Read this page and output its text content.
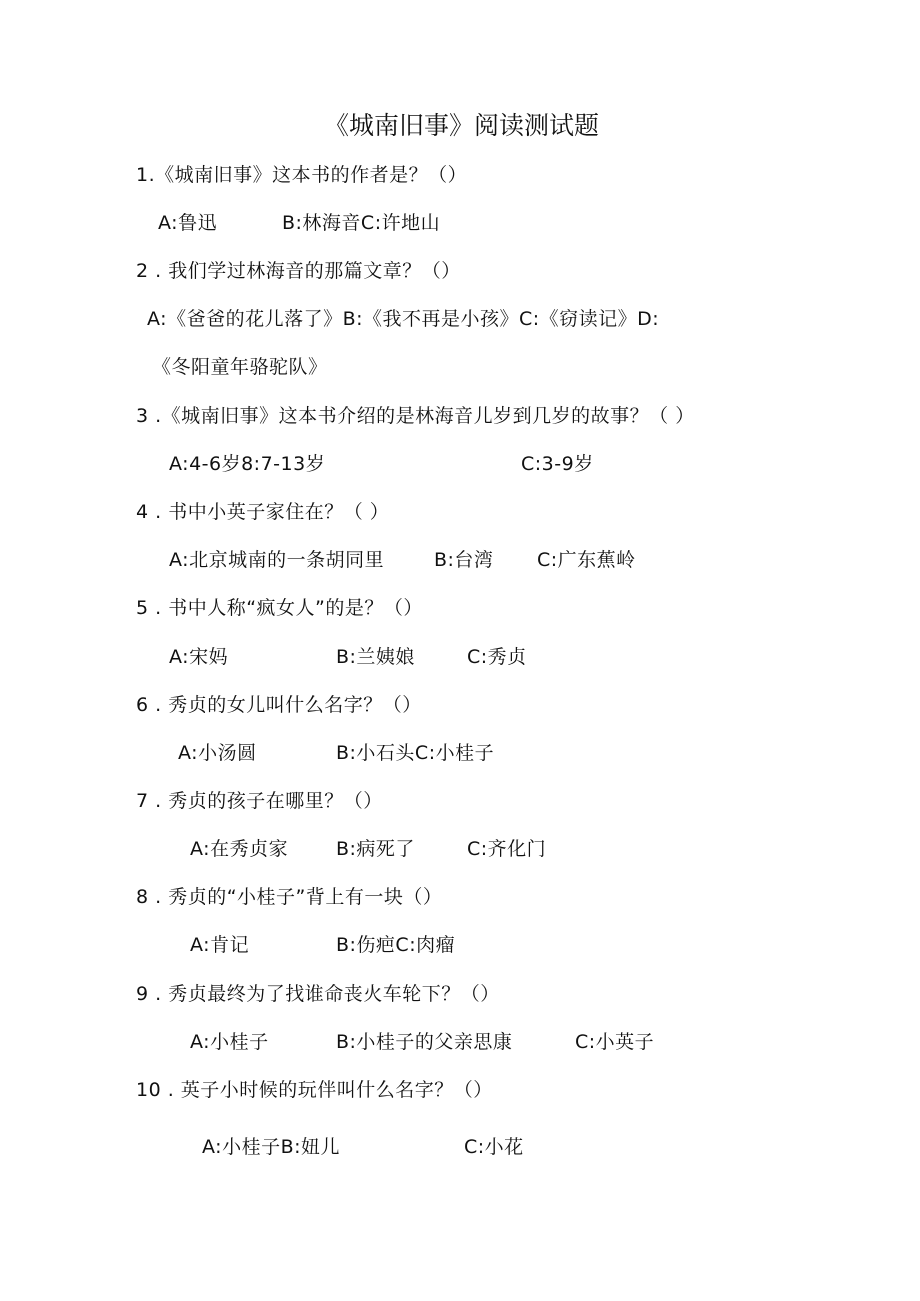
《城南旧事》阅读测试题
1.《城南旧事》这本书的作者是？（）
A:鲁迅	B:林海音C:许地山
2 . 我们学过林海音的那篇文章？（）
A:《爸爸的花儿落了》B:《我不再是小孩》C:《窃读记》D:
《冬阳童年骆驼队》
3 .《城南旧事》这本书介绍的是林海音儿岁到几岁的故事？（ ）
A:4-6岁8:7-13岁	C:3-9岁
4 . 书中小英子家住在？（ ）
A:北京城南的一条胡同里	B:台湾 C:广东蕉岭
5 . 书中人称“疯女人”的是？（）
A:宋妈	B:兰姨娘	C:秀贞
6 . 秀贞的女儿叫什么名字？（）
A:小汤圆	B:小石头C:小桂子
7 . 秀贞的孩子在哪里？（）
A:在秀贞家	B:病死了	C:齐化门
8 . 秀贞的“小桂子”背上有一块（）
A:肯记	B:伤疤C:肉瘤
9 . 秀贞最终为了找谁命丧火车轮下？（）
A:小桂子	B:小桂子的父亲思康	C:小英子
10 . 英子小时候的玩伴叫什么名字？（）
A:小桂子B:妞儿	C:小花
